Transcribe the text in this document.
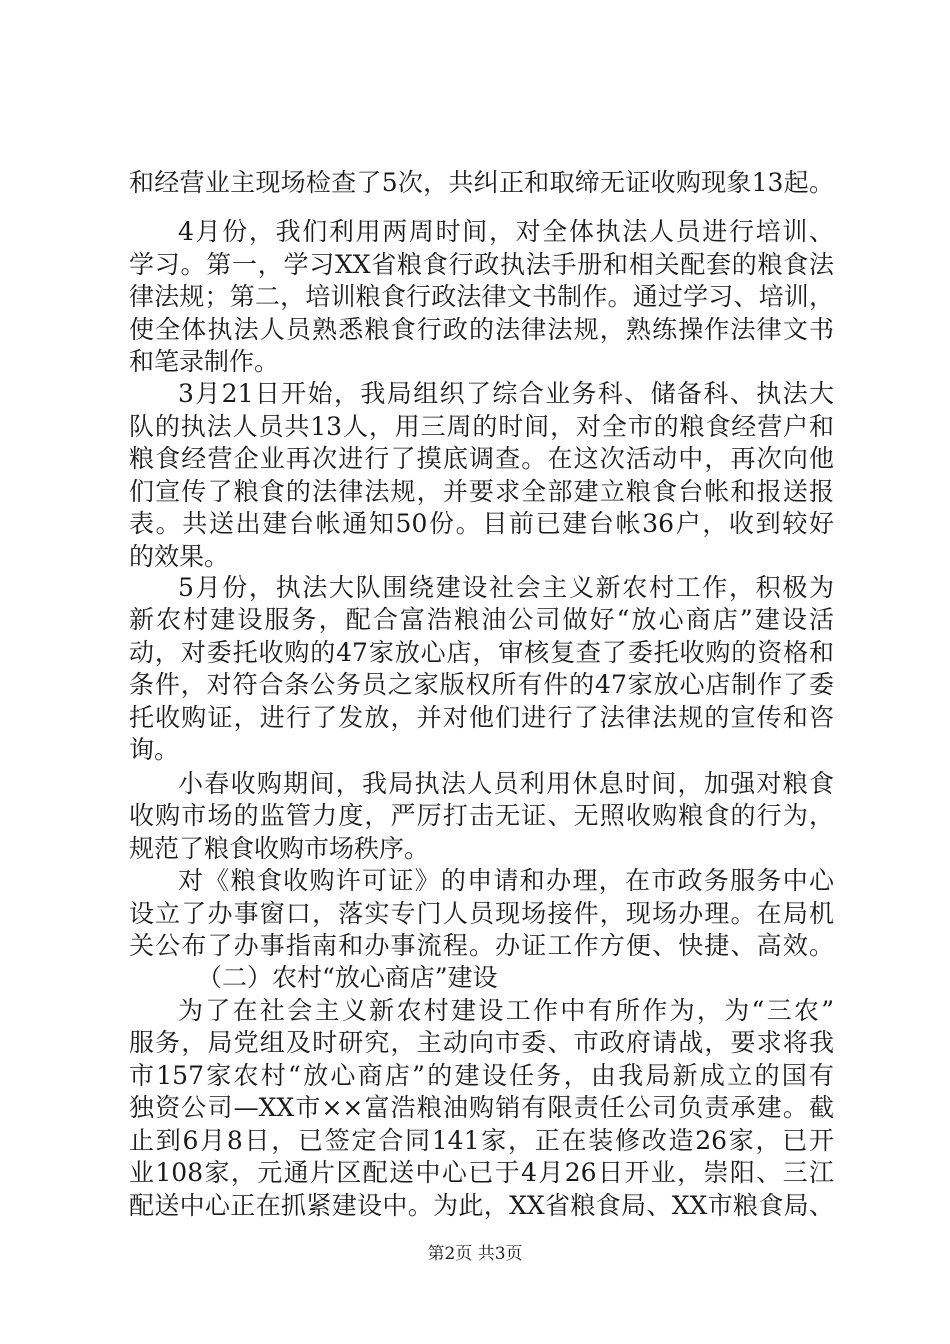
和经营业主现场检查了5次，共纠正和取缔无证收购现象13起。
4月份，我们利用两周时间，对全体执法人员进行培训、
学习。第一，学习XX省粮食行政执法手册和相关配套的粮食法
律法规；第二，培训粮食行政法律文书制作。通过学习、培训，
使全体执法人员熟悉粮食行政的法律法规，熟练操作法律文书
和笔录制作。
3月21日开始，我局组织了综合业务科、储备科、执法大
队的执法人员共13人，用三周的时间，对全市的粮食经营户和
粮食经营企业再次进行了摸底调查。在这次活动中，再次向他
们宣传了粮食的法律法规，并要求全部建立粮食台帐和报送报
表。共送出建台帐通知50份。目前已建台帐36户，收到较好
的效果。
5月份，执法大队围绕建设社会主义新农村工作，积极为
新农村建设服务，配合富浩粮油公司做好“放心商店”建设活
动，对委托收购的47家放心店，审核复查了委托收购的资格和
条件，对符合条公务员之家版权所有件的47家放心店制作了委
托收购证，进行了发放，并对他们进行了法律法规的宣传和咨
询。
小春收购期间，我局执法人员利用休息时间，加强对粮食
收购市场的监管力度，严厉打击无证、无照收购粮食的行为，
规范了粮食收购市场秩序。
对《粮食收购许可证》的申请和办理，在市政务服务中心
设立了办事窗口，落实专门人员现场接件，现场办理。在局机
关公布了办事指南和办事流程。办证工作方便、快捷、高效。
（二）农村“放心商店”建设
为了在社会主义新农村建设工作中有所作为，为“三农”
服务，局党组及时研究，主动向市委、市政府请战，要求将我
市157家农村“放心商店”的建设任务，由我局新成立的国有
独资公司—XX市××富浩粮油购销有限责任公司负责承建。截
止到6月8日，已签定合同141家，正在装修改造26家，已开
业108家，元通片区配送中心已于4月26日开业，崇阳、三江
配送中心正在抓紧建设中。为此，XX省粮食局、XX市粮食局、
第2页 共3页
